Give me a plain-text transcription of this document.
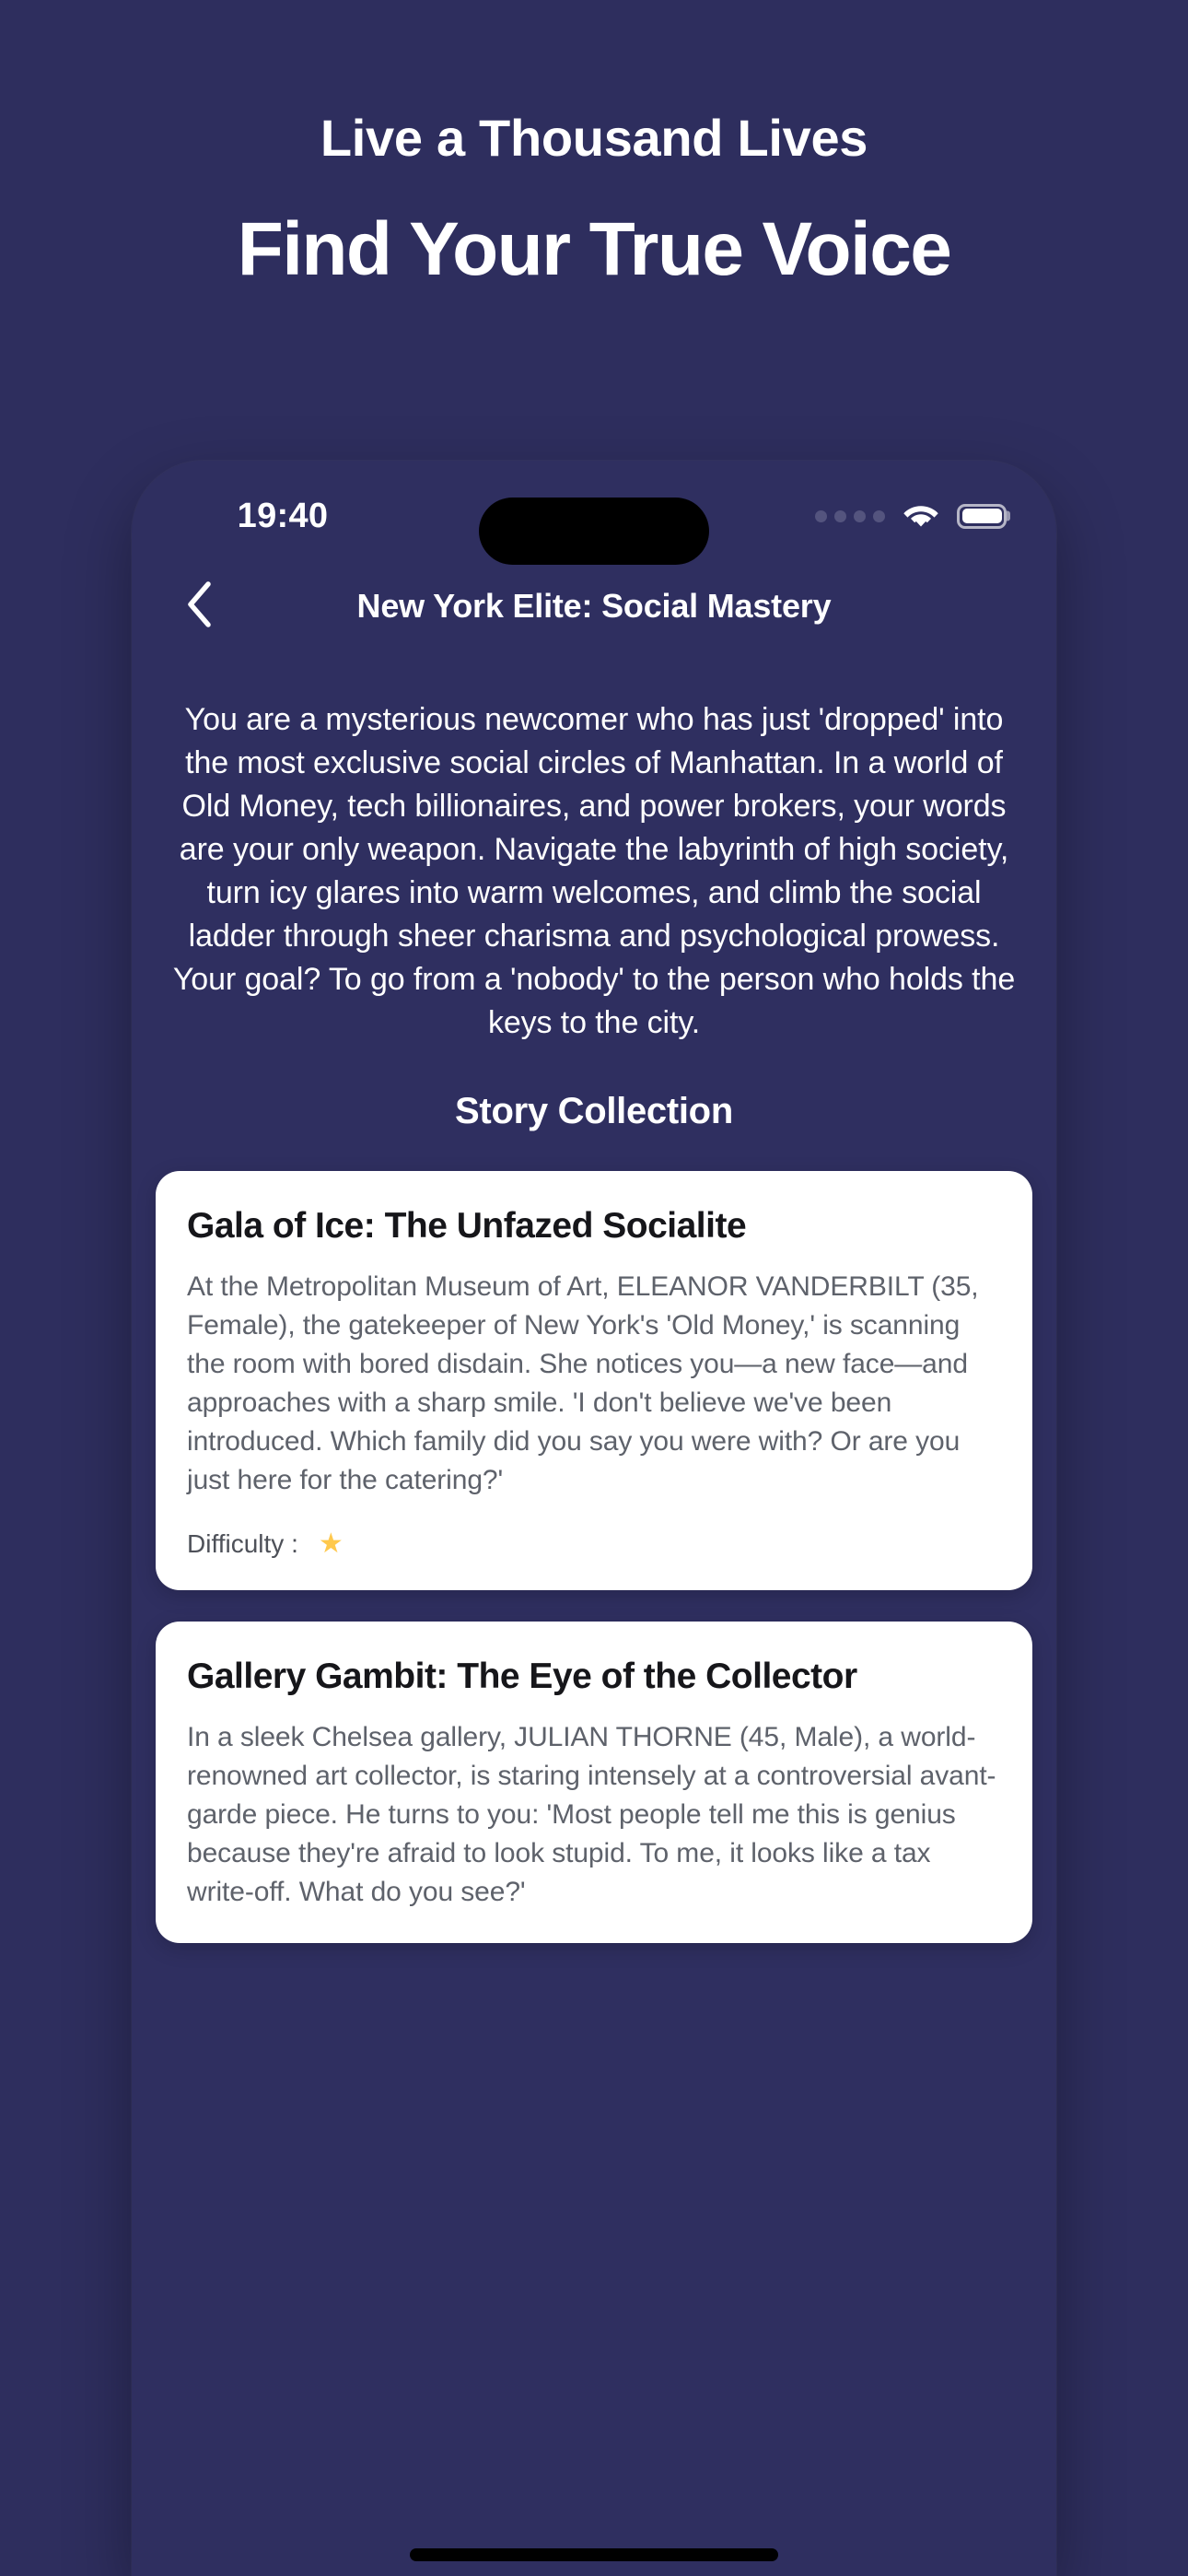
Live a Thousand Lives
Find Your True Voice
19:40
New York Elite: Social Mastery
You are a mysterious newcomer who has just 'dropped' into the most exclusive social circles of Manhattan. In a world of Old Money, tech billionaires, and power brokers, your words are your only weapon. Navigate the labyrinth of high society, turn icy glares into warm welcomes, and climb the social ladder through sheer charisma and psychological prowess. Your goal? To go from a 'nobody' to the person who holds the keys to the city.
Story Collection
Gala of Ice: The Unfazed Socialite
At the Metropolitan Museum of Art, ELEANOR VANDERBILT (35, Female), the gatekeeper of New York's 'Old Money,' is scanning the room with bored disdain. She notices you—a new face—and approaches with a sharp smile. 'I don't believe we've been introduced. Which family did you say you were with? Or are you just here for the catering?'
Difficulty : ★
Gallery Gambit: The Eye of the Collector
In a sleek Chelsea gallery, JULIAN THORNE (45, Male), a world-renowned art collector, is staring intensely at a controversial avant-garde piece. He turns to you: 'Most people tell me this is genius because they're afraid to look stupid. To me, it looks like a tax write-off. What do you see?'
